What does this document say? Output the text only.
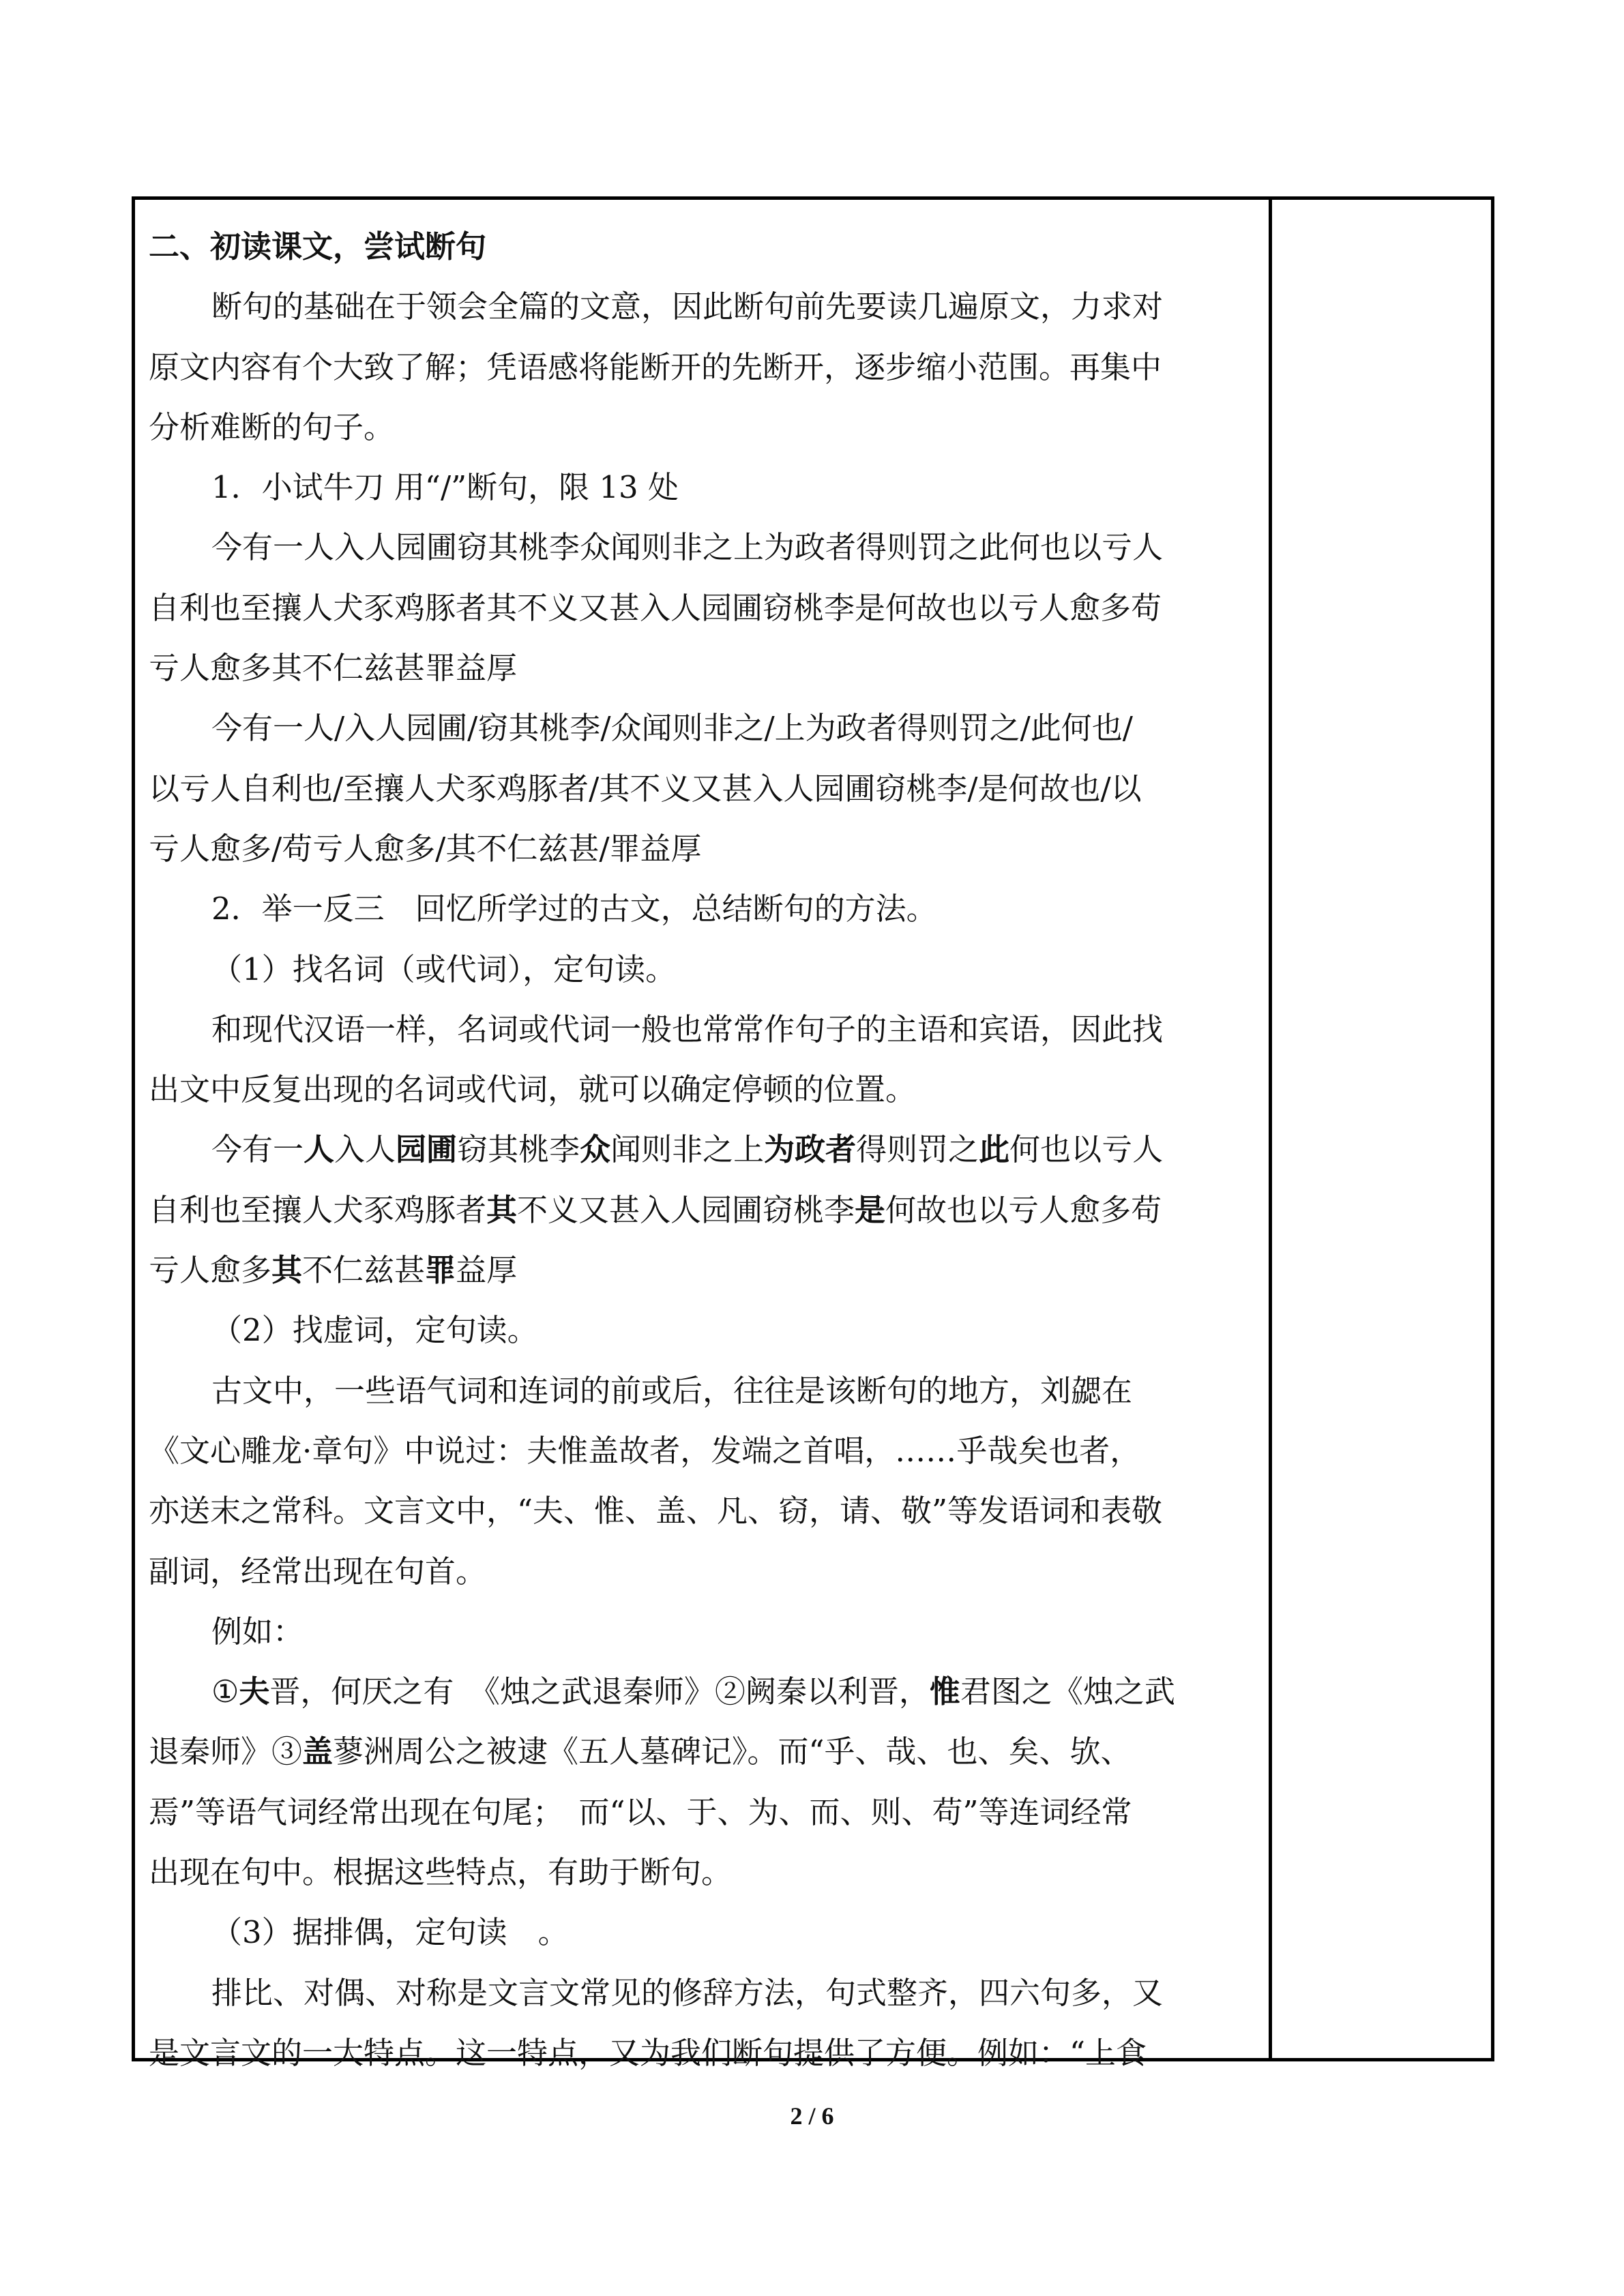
二、初读课文，尝试断句
断句的基础在于领会全篇的文意，因此断句前先要读几遍原文，力求对
原文内容有个大致了解；凭语感将能断开的先断开，逐步缩小范围。再集中
分析难断的句子。
1．小试牛刀 用“/”断句，限 13 处
今有一人入人园圃窃其桃李众闻则非之上为政者得则罚之此何也以亏人
自利也至攘人犬豕鸡豚者其不义又甚入人园圃窃桃李是何故也以亏人愈多苟
亏人愈多其不仁兹甚罪益厚
今有一人/入人园圃/窃其桃李/众闻则非之/上为政者得则罚之/此何也/
以亏人自利也/至攘人犬豕鸡豚者/其不义又甚入人园圃窃桃李/是何故也/以
亏人愈多/苟亏人愈多/其不仁兹甚/罪益厚
2．举一反三　回忆所学过的古文，总结断句的方法。
（1）找名词（或代词），定句读。
和现代汉语一样，名词或代词一般也常常作句子的主语和宾语，因此找
出文中反复出现的名词或代词，就可以确定停顿的位置。
今有一人入人园圃窃其桃李众闻则非之上为政者得则罚之此何也以亏人
自利也至攘人犬豕鸡豚者其不义又甚入人园圃窃桃李是何故也以亏人愈多苟
亏人愈多其不仁兹甚罪益厚
（2）找虚词，定句读。
古文中，一些语气词和连词的前或后，往往是该断句的地方，刘勰在
《文心雕龙·章句》中说过：夫惟盖故者，发端之首唱，……乎哉矣也者，
亦送末之常科。文言文中，“夫、惟、盖、凡、窃，请、敬”等发语词和表敬
副词，经常出现在句首。
例如：
①夫晋，何厌之有　《烛之武退秦师》②阙秦以利晋，惟君图之《烛之武
退秦师》③盖蓼洲周公之被逮《五人墓碑记》。而“乎、哉、也、矣、欤、
焉”等语气词经常出现在句尾；　而“以、于、为、而、则、苟”等连词经常
出现在句中。根据这些特点，有助于断句。
（3）据排偶，定句读　。
排比、对偶、对称是文言文常见的修辞方法，句式整齐，四六句多，又
是文言文的一大特点。这一特点，又为我们断句提供了方便。例如：“上食
2 / 6
